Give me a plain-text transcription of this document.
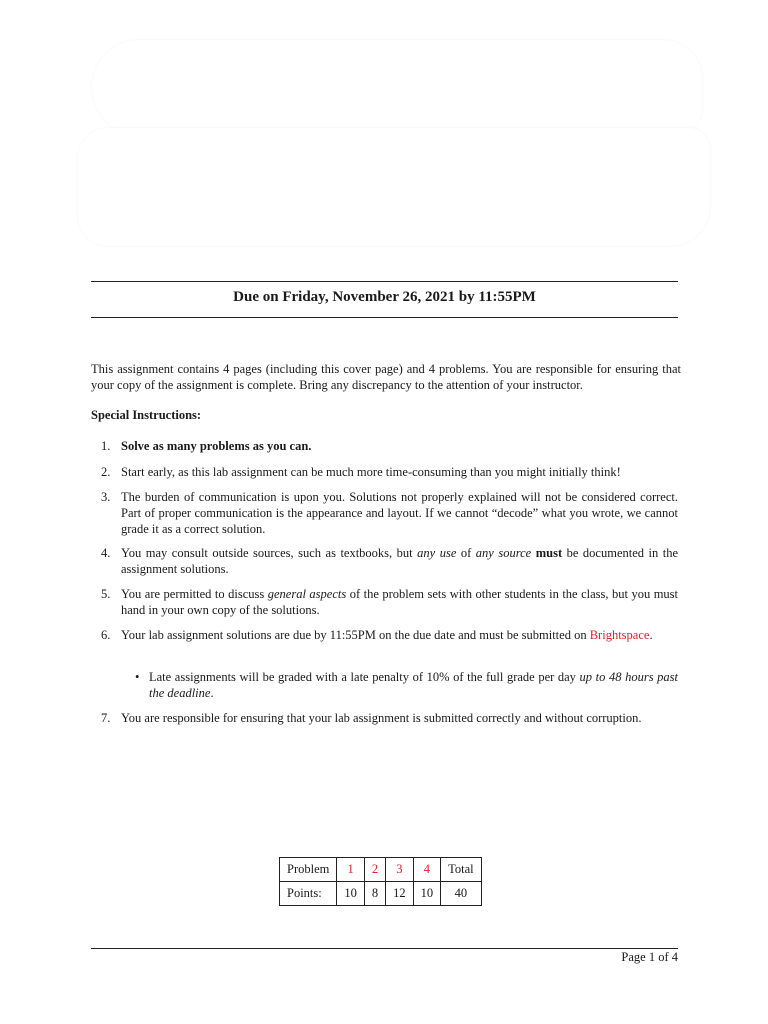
Due on Friday, November 26, 2021 by 11:55PM
This assignment contains 4 pages (including this cover page) and 4 problems. You are responsible for ensuring that your copy of the assignment is complete. Bring any discrepancy to the attention of your instructor.
Special Instructions:
1. Solve as many problems as you can.
2. Start early, as this lab assignment can be much more time-consuming than you might initially think!
3. The burden of communication is upon you. Solutions not properly explained will not be considered correct. Part of proper communication is the appearance and layout. If we cannot “decode” what you wrote, we cannot grade it as a correct solution.
4. You may consult outside sources, such as textbooks, but any use of any source must be documented in the assignment solutions.
5. You are permitted to discuss general aspects of the problem sets with other students in the class, but you must hand in your own copy of the solutions.
6. Your lab assignment solutions are due by 11:55PM on the due date and must be submitted on Brightspace.
• Late assignments will be graded with a late penalty of 10% of the full grade per day up to 48 hours past the deadline.
7. You are responsible for ensuring that your lab assignment is submitted correctly and without corruption.
Problem	1	2	3	4	Total
Points:	10	8	12	10	40
Page 1 of 4
